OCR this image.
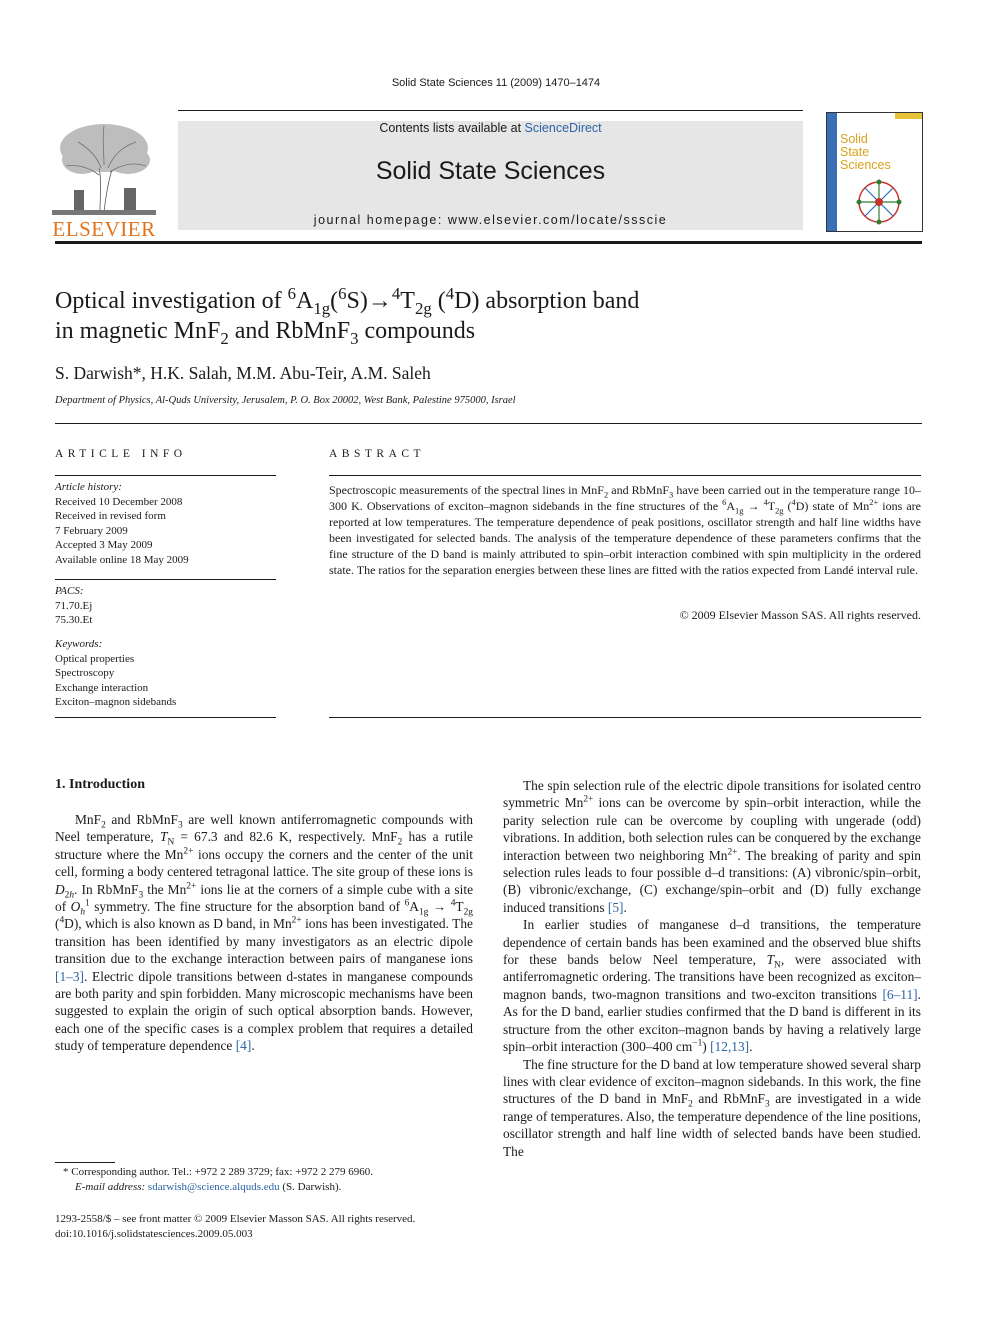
Solid State Sciences 11 (2009) 1470–1474
ELSEVIER
Contents lists available at ScienceDirect
Solid State Sciences
journal homepage: www.elsevier.com/locate/ssscie
Solid
State
Sciences
Optical investigation of $^6A_{1g}(^6S)\to^4T_{2g}$ ($^4$D) absorption band
in magnetic MnF$_2$ and RbMnF$_3$ compounds
S. Darwish*, H.K. Salah, M.M. Abu-Teir, A.M. Saleh
Department of Physics, Al-Quds University, Jerusalem, P. O. Box 20002, West Bank, Palestine 975000, Israel
ARTICLE INFO
Article history:
Received 10 December 2008
Received in revised form
7 February 2009
Accepted 3 May 2009
Available online 18 May 2009
PACS:
71.70.Ej
75.30.Et
Keywords:
Optical properties
Spectroscopy
Exchange interaction
Exciton–magnon sidebands
ABSTRACT
Spectroscopic measurements of the spectral lines in MnF$_2$ and RbMnF$_3$ have been carried out in the temperature range 10–300 K. Observations of exciton–magnon sidebands in the fine structures of the $^6A_{1g} \to ^4T_{2g}$ ($^4$D) state of $Mn^{2+}$ ions are reported at low temperatures. The temperature dependence of peak positions, oscillator strength and half line widths have been investigated for selected bands. The analysis of the temperature dependence of these parameters confirms that the fine structure of the D band is mainly attributed to spin–orbit interaction combined with spin multiplicity in the ordered state. The ratios for the separation energies between these lines are fitted with the ratios expected from Landé interval rule.
© 2009 Elsevier Masson SAS. All rights reserved.
1. Introduction

MnF$_2$ and RbMnF$_3$ are well known antiferromagnetic compounds with Neel temperature, $T_N = 67.3$ and 82.6 K, respectively. MnF$_2$ has a rutile structure where the $Mn^{2+}$ ions occupy the corners and the center of the unit cell, forming a body centered tetragonal lattice. The site group of these ions is $D_{2h}$. In RbMnF$_3$ the $Mn^{2+}$ ions lie at the corners of a simple cube with a site of $O_h^1$ symmetry. The fine structure for the absorption band of $^6A_{1g} \to ^4T_{2g}$ ($^4$D), which is also known as D band, in $Mn^{2+}$ ions has been investigated. The transition has been identified by many investigators as an electric dipole transition due to the exchange interaction between pairs of manganese ions [1–3]. Electric dipole transitions between d-states in manganese compounds are both parity and spin forbidden. Many microscopic mechanisms have been suggested to explain the origin of such optical absorption bands. However, each one of the specific cases is a complex problem that requires a detailed study of temperature dependence [4].

The spin selection rule of the electric dipole transitions for isolated centro symmetric $Mn^{2+}$ ions can be overcome by spin–orbit interaction, while the parity selection rule can be overcome by coupling with ungerade (odd) vibrations. In addition, both selection rules can be conquered by the exchange interaction between two neighboring $Mn^{2+}$. The breaking of parity and spin selection rules leads to four possible d–d transitions: (A) vibronic/spin–orbit, (B) vibronic/exchange, (C) exchange/spin–orbit and (D) fully exchange induced transitions [5].

In earlier studies of manganese d–d transitions, the temperature dependence of certain bands has been examined and the observed blue shifts for these bands below Neel temperature, $T_N$, were associated with antiferromagnetic ordering. The transitions have been recognized as exciton–magnon bands, two-magnon transitions and two-exciton transitions [6–11]. As for the D band, earlier studies confirmed that the D band is different in its structure from the other exciton–magnon bands by having a relatively large spin–orbit interaction (300–400 $cm^{-1}$) [12,13].

The fine structure for the D band at low temperature showed several sharp lines with clear evidence of exciton–magnon sidebands. In this work, the fine structures of the D band in MnF$_2$ and RbMnF$_3$ are investigated in a wide range of temperatures. Also, the temperature dependence of the line positions, oscillator strength and half line width of selected bands have been studied. The

* Corresponding author. Tel.: +972 2 289 3729; fax: +972 2 279 6960.
E-mail address: sdarwish@science.alquds.edu (S. Darwish).
1293-2558/$ – see front matter © 2009 Elsevier Masson SAS. All rights reserved.
doi:10.1016/j.solidstatesciences.2009.05.003
